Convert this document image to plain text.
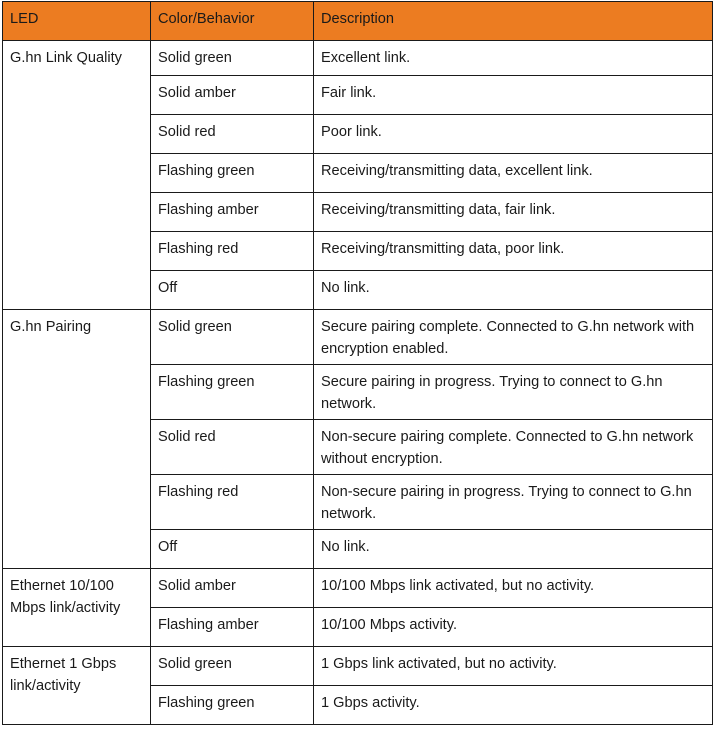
LED	Color/Behavior	Description
G.hn Link Quality	Solid green	Excellent link.
	Solid amber	Fair link.
	Solid red	Poor link.
	Flashing green	Receiving/transmitting data, excellent link.
	Flashing amber	Receiving/transmitting data, fair link.
	Flashing red	Receiving/transmitting data, poor link.
	Off	No link.
G.hn Pairing	Solid green	Secure pairing complete. Connected to G.hn network with encryption enabled.
	Flashing green	Secure pairing in progress. Trying to connect to G.hn network.
	Solid red	Non-secure pairing complete. Connected to G.hn network without encryption.
	Flashing red	Non-secure pairing in progress. Trying to connect to G.hn network.
	Off	No link.
Ethernet 10/100 Mbps link/activity	Solid amber	10/100 Mbps link activated, but no activity.
	Flashing amber	10/100 Mbps activity.
Ethernet 1 Gbps link/activity	Solid green	1 Gbps link activated, but no activity.
	Flashing green	1 Gbps activity.
